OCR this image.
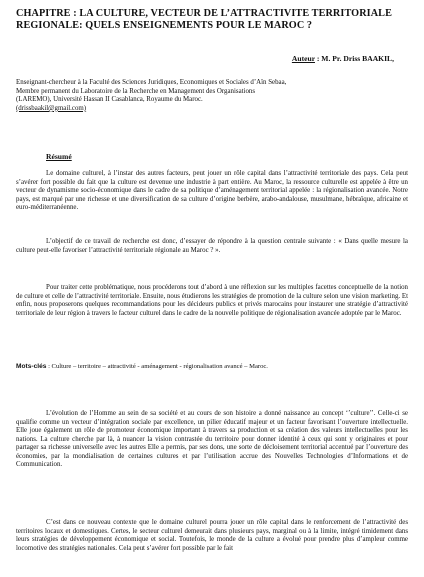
CHAPITRE : LA CULTURE, VECTEUR DE L’ATTRACTIVITE TERRITORIALE REGIONALE: QUELS ENSEIGNEMENTS POUR LE MAROC ?
Auteur : M. Pr. Driss BAAKIL,
Enseignant-chercheur à la Faculté des Sciences Juridiques, Economiques et Sociales d’Aïn Sebaa,
Membre permanent du Laboratoire de la Recherche en Management des Organisations
(LAREMO), Université Hassan II Casablanca, Royaume du Maroc.
(drissbaakil@gmail.com)
Résumé

Le domaine culturel, à l’instar des autres facteurs, peut jouer un rôle capital dans l’attractivité territoriale des pays. Cela peut s’avérer fort possible du fait que la culture est devenue une industrie à part entière. Au Maroc, la ressource culturelle est appelée à être un vecteur de dynamisme socio-économique dans le cadre de sa politique d’aménagement territorial appelée : la régionalisation avancée. Notre pays, est marqué par une richesse et une diversification de sa culture d’origine berbère, arabo-andalouse, musulmane, hébraïque, africaine et euro-méditerranéenne.

L’objectif de ce travail de recherche est donc, d’essayer de répondre à la question centrale suivante : « Dans quelle mesure la culture peut-elle favoriser l’attractivité territoriale régionale au Maroc ? ».

Pour traiter cette problématique, nous procéderons tout d’abord à une réflexion sur les multiples facettes conceptuelle de la notion de culture et celle de l’attractivité territoriale. Ensuite, nous étudierons les stratégies de promotion de la culture selon une vision marketing. Et enfin, nous proposerons quelques recommandations pour les décideurs publics et privés marocains pour instaurer une stratégie d’attractivité territoriale de leur région à travers le facteur culturel dans le cadre de la nouvelle politique de régionalisation avancée adoptée par le Maroc.

Mots-clés : Culture – territoire – attractivité - aménagement - régionalisation avancé – Maroc.

L’évolution de l’Homme au sein de sa société et au cours de son histoire a donné naissance au concept ‘’culture’’. Celle-ci se qualifie comme un vecteur d’intégration sociale par excellence, un pilier éducatif majeur et un facteur favorisant l’ouverture intellectuelle. Elle joue également un rôle de promoteur économique important à travers sa production et sa création des valeurs intellectuelles pour les nations. La culture cherche par là, à nuancer la vision contrastée du territoire pour donner identité à ceux qui sont y originaires et pour partager sa richesse universelle avec les autres Elle a permis, par ses dons, une sorte de décloisement territorial accentué par l’ouverture des économies, par la mondialisation de certaines cultures et par l’utilisation accrue des Nouvelles Technologies d’Informations et de Communication.

C’est dans ce nouveau contexte que le domaine culturel pourra jouer un rôle capital dans le renforcement de l’attractivité des territoires locaux et domestiques. Certes, le secteur culturel demeurait dans plusieurs pays, marginal ou à la limite, intégré timidement dans leurs stratégies de développement économique et social. Toutefois, le monde de la culture a évolué pour prendre plus d’ampleur comme locomotive des stratégies nationales. Cela peut s’avérer fort possible par le fait
